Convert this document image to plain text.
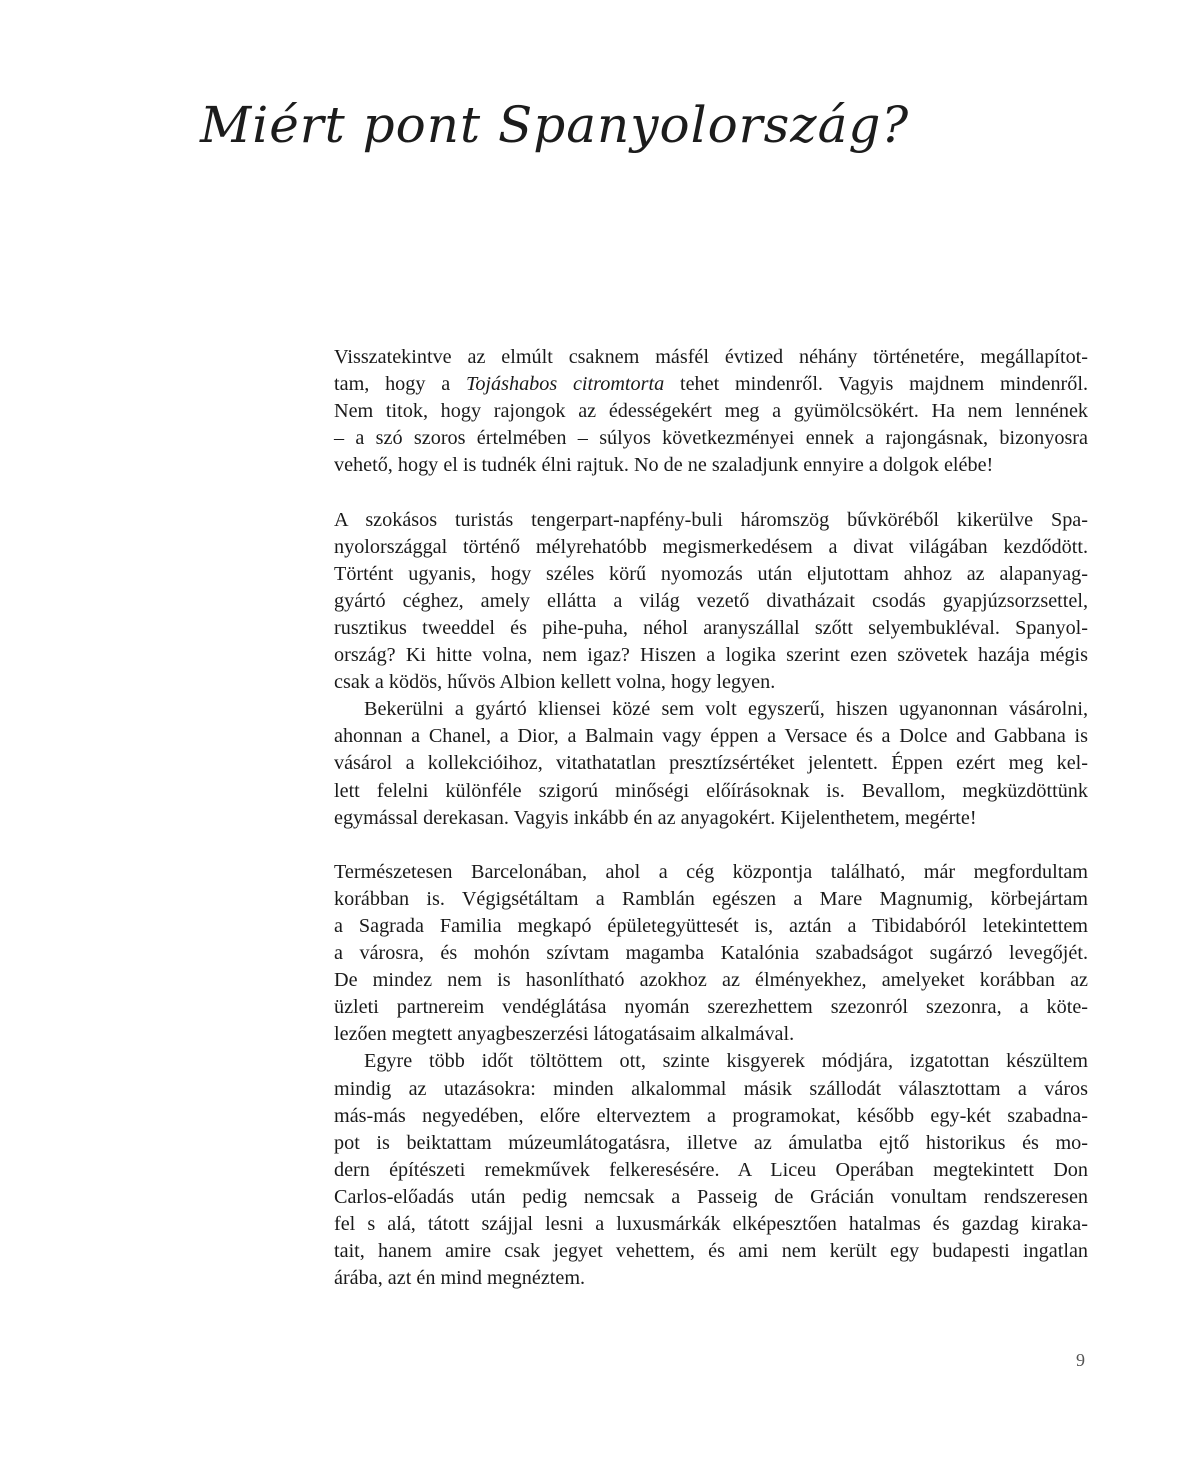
Miért pont Spanyolország?
Visszatekintve az elmúlt csaknem másfél évtized néhány történetére, megállapítot-
tam, hogy a Tojáshabos citromtorta tehet mindenről. Vagyis majdnem mindenről.
Nem titok, hogy rajongok az édességekért meg a gyümölcsökért. Ha nem lennének
– a szó szoros értelmében – súlyos következményei ennek a rajongásnak, bizonyosra
vehető, hogy el is tudnék élni rajtuk. No de ne szaladjunk ennyire a dolgok elébe!
A szokásos turistás tengerpart-napfény-buli háromszög bűvköréből kikerülve Spa-
nyolországgal történő mélyrehatóbb megismerkedésem a divat világában kezdődött.
Történt ugyanis, hogy széles körű nyomozás után eljutottam ahhoz az alapanyag-
gyártó céghez, amely ellátta a világ vezető divatházait csodás gyapjúzsorzsettel,
rusztikus tweeddel és pihe-puha, néhol aranyszállal szőtt selyembukléval. Spanyol-
ország? Ki hitte volna, nem igaz? Hiszen a logika szerint ezen szövetek hazája mégis
csak a ködös, hűvös Albion kellett volna, hogy legyen.
Bekerülni a gyártó kliensei közé sem volt egyszerű, hiszen ugyanonnan vásárolni,
ahonnan a Chanel, a Dior, a Balmain vagy éppen a Versace és a Dolce and Gabbana is
vásárol a kollekcióihoz, vitathatatlan presztízsértéket jelentett. Éppen ezért meg kel-
lett felelni különféle szigorú minőségi előírásoknak is. Bevallom, megküzdöttünk
egymással derekasan. Vagyis inkább én az anyagokért. Kijelenthetem, megérte!
Természetesen Barcelonában, ahol a cég központja található, már megfordultam
korábban is. Végigsétáltam a Ramblán egészen a Mare Magnumig, körbejártam
a Sagrada Familia megkapó épületegyüttesét is, aztán a Tibidabóról letekintettem
a városra, és mohón szívtam magamba Katalónia szabadságot sugárzó levegőjét.
De mindez nem is hasonlítható azokhoz az élményekhez, amelyeket korábban az
üzleti partnereim vendéglátása nyomán szerezhettem szezonról szezonra, a köte-
lezően megtett anyagbeszerzési látogatásaim alkalmával.
Egyre több időt töltöttem ott, szinte kisgyerek módjára, izgatottan készültem
mindig az utazásokra: minden alkalommal másik szállodát választottam a város
más-más negyedében, előre elterveztem a programokat, később egy-két szabadna-
pot is beiktattam múzeumlátogatásra, illetve az ámulatba ejtő historikus és mo-
dern építészeti remekművek felkeresésére. A Liceu Operában megtekintett Don
Carlos-előadás után pedig nemcsak a Passeig de Grácián vonultam rendszeresen
fel s alá, tátott szájjal lesni a luxusmárkák elképesztően hatalmas és gazdag kiraka-
tait, hanem amire csak jegyet vehettem, és ami nem került egy budapesti ingatlan
árába, azt én mind megnéztem.
9
